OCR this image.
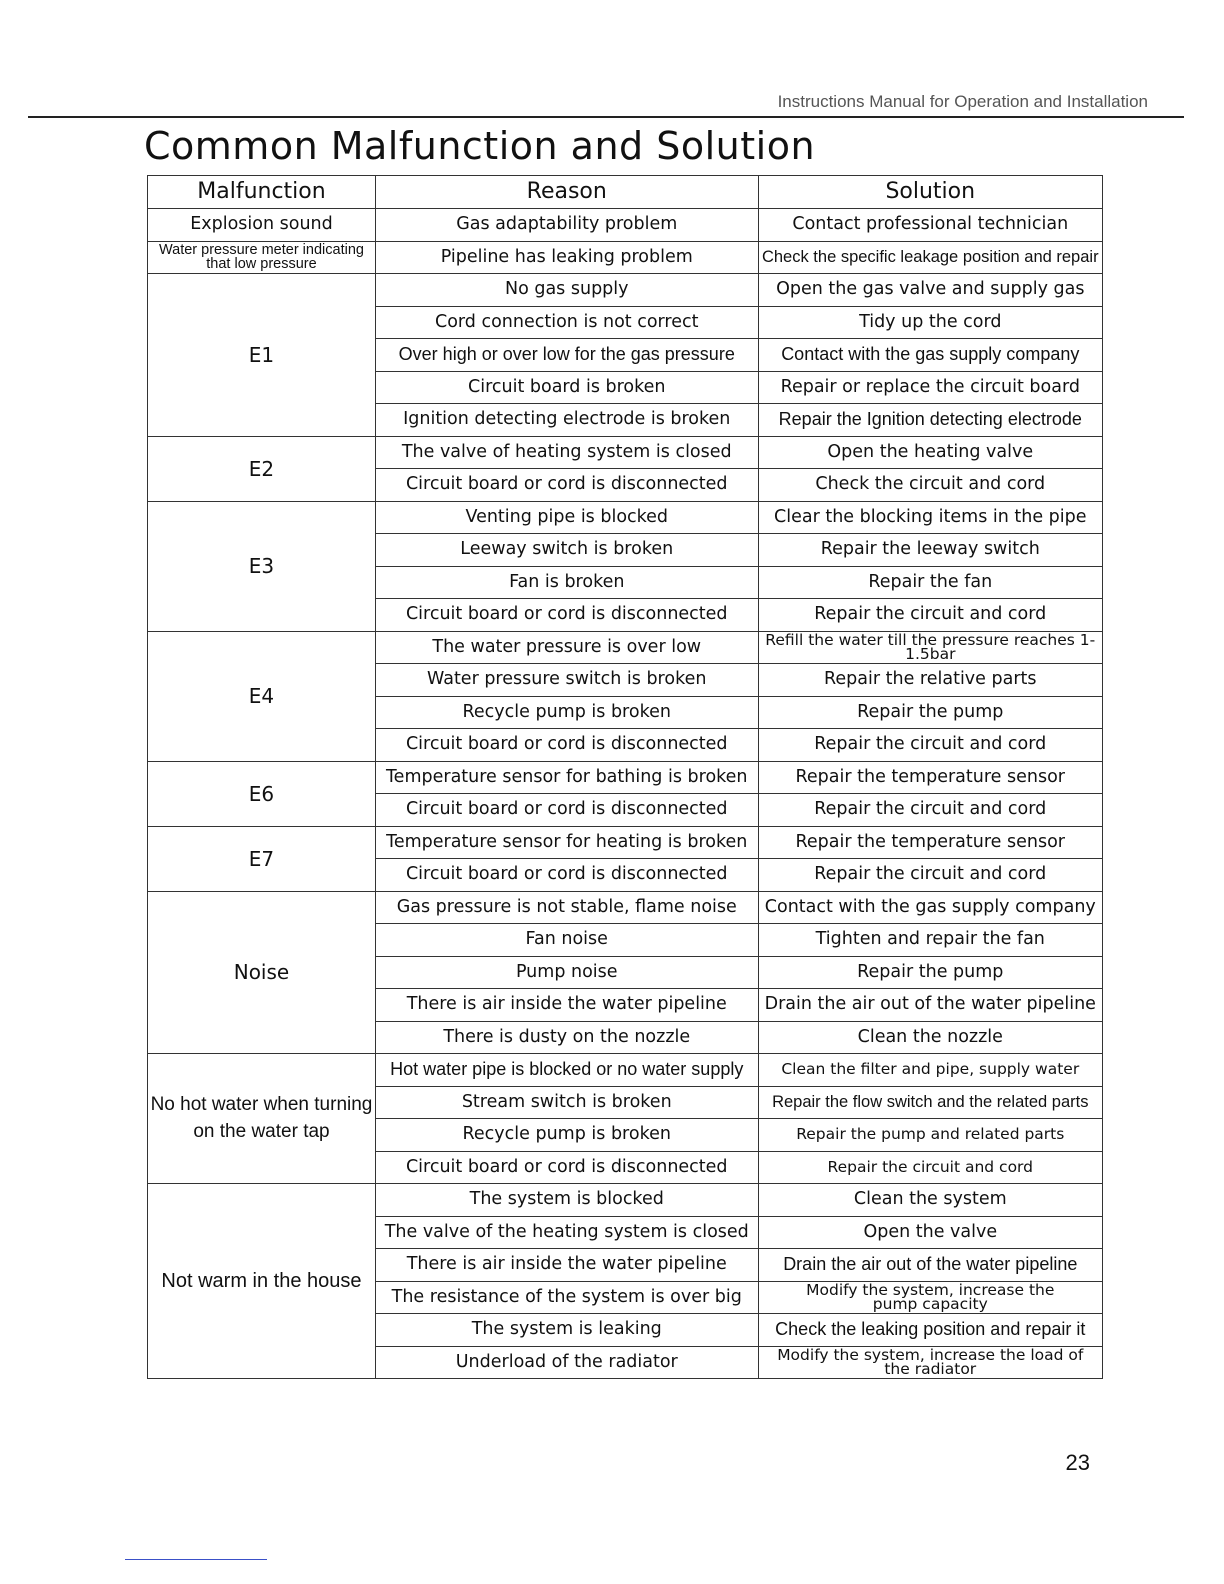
Instructions Manual for Operation and Installation
Common Malfunction and Solution
Malfunction	Reason	Solution
Explosion sound	Gas adaptability problem	Contact professional technician
Water pressure meter indicating that low pressure	Pipeline has leaking problem	Check the specific leakage position and repair
E1	No gas supply	Open the gas valve and supply gas
	Cord connection is not correct	Tidy up the cord
	Over high or over low for the gas pressure	Contact with the gas supply company
	Circuit board is broken	Repair or replace the circuit board
	Ignition detecting electrode is broken	Repair the Ignition detecting electrode
E2	The valve of heating system is closed	Open the heating valve
	Circuit board or cord is disconnected	Check the circuit and cord
E3	Venting pipe is blocked	Clear the blocking items in the pipe
	Leeway switch is broken	Repair the leeway switch
	Fan is broken	Repair the fan
	Circuit board or cord is disconnected	Repair the circuit and cord
E4	The water pressure is over low	Refill the water till the pressure reaches 1-1.5bar
	Water pressure switch is broken	Repair the relative parts
	Recycle pump is broken	Repair the pump
	Circuit board or cord is disconnected	Repair the circuit and cord
E6	Temperature sensor for bathing is broken	Repair the temperature sensor
	Circuit board or cord is disconnected	Repair the circuit and cord
E7	Temperature sensor for heating is broken	Repair the temperature sensor
	Circuit board or cord is disconnected	Repair the circuit and cord
Noise	Gas pressure is not stable, flame noise	Contact with the gas supply company
	Fan noise	Tighten and repair the fan
	Pump noise	Repair the pump
	There is air inside the water pipeline	Drain the air out of the water pipeline
	There is dusty on the nozzle	Clean the nozzle
No hot water when turning on the water tap	Hot water pipe is blocked or no water supply	Clean the filter and pipe, supply water
	Stream switch is broken	Repair the flow switch and the related parts
	Recycle pump is broken	Repair the pump and related parts
	Circuit board or cord is disconnected	Repair the circuit and cord
Not warm in the house	The system is blocked	Clean the system
	The valve of the heating system is closed	Open the valve
	There is air inside the water pipeline	Drain the air out of the water pipeline
	The resistance of the system is over big	Modify the system, increase the pump capacity
	The system is leaking	Check the leaking position and repair it
	Underload of the radiator	Modify the system, increase the load of the radiator
23
